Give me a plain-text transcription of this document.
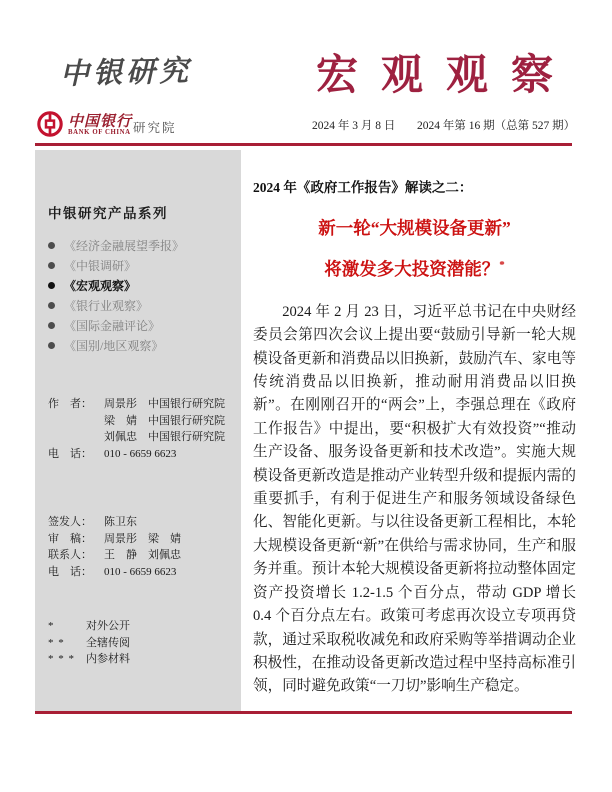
中银研究	宏观观察
中国银行
BANK OF CHINA 研究院	2024 年 3 月 8 日 2024 年第 16 期（总第 527 期）
中银研究产品系列
《经济金融展望季报》
《中银调研》
《宏观观察》
《银行业观察》
《国际金融评论》
《国别/地区观察》
作　者：	周景彤　中国银行研究院
梁　婧　中国银行研究院
刘佩忠　中国银行研究院
电　话：	010 - 6659 6623
签发人：	陈卫东
审　稿：	周景彤　梁　婧
联系人：	王　静　刘佩忠
电　话：	010 - 6659 6623
*	对外公开
* *	全辖传阅
* * *	内参材料
2024 年《政府工作报告》解读之二：
新一轮“大规模设备更新”
将激发多大投资潜能？*

2024 年 2 月 23 日，习近平总书记在中央财经委员会第四次会议上提出要“鼓励引导新一轮大规模设备更新和消费品以旧换新，鼓励汽车、家电等传统消费品以旧换新，推动耐用消费品以旧换新”。在刚刚召开的“两会”上，李强总理在《政府工作报告》中提出，要“积极扩大有效投资”“推动生产设备、服务设备更新和技术改造”。实施大规模设备更新改造是推动产业转型升级和提振内需的重要抓手，有利于促进生产和服务领域设备绿色化、智能化更新。与以往设备更新工程相比，本轮大规模设备更新“新”在供给与需求协同，生产和服务并重。预计本轮大规模设备更新将拉动整体固定资产投资增长 1.2-1.5 个百分点，带动 GDP 增长 0.4 个百分点左右。政策可考虑再次设立专项再贷款，通过采取税收减免和政府采购等举措调动企业积极性，在推动设备更新改造过程中坚持高标准引领，同时避免政策“一刀切”影响生产稳定。
